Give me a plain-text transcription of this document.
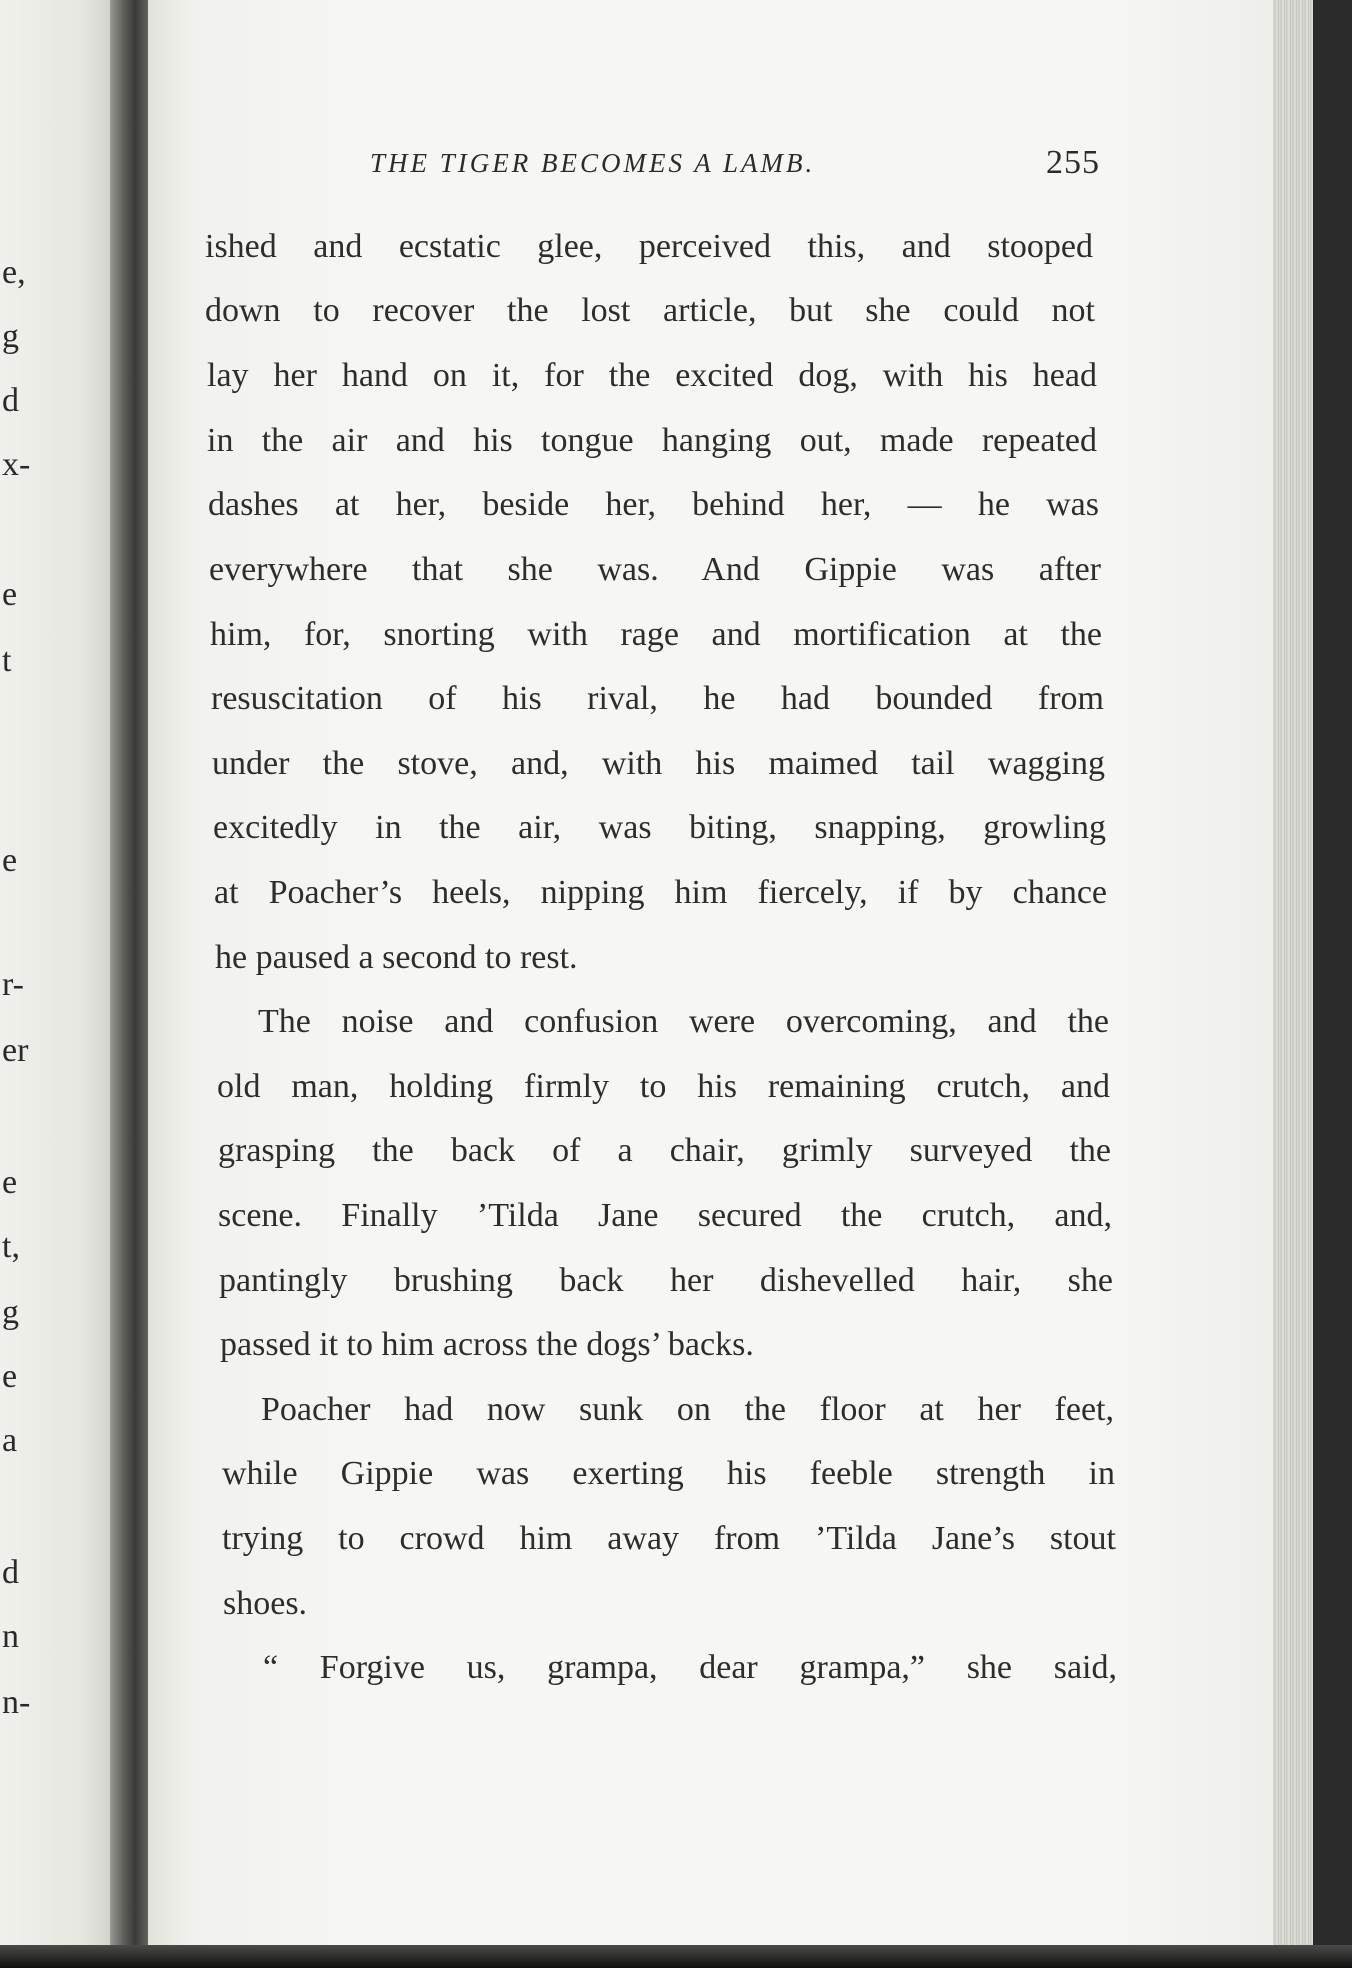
e,
g
d
x-
e
t
e
r-
er
e
t,
g
e
a
d
n
n-
THE TIGER BECOMES A LAMB.	255
ished and ecstatic glee, perceived this, and stooped
down to recover the lost article, but she could not
lay her hand on it, for the excited dog, with his head
in the air and his tongue hanging out, made repeated
dashes at her, beside her, behind her, — he was
everywhere that she was. And Gippie was after
him, for, snorting with rage and mortification at the
resuscitation of his rival, he had bounded from
under the stove, and, with his maimed tail wagging
excitedly in the air, was biting, snapping, growling
at Poacher’s heels, nipping him fiercely, if by chance
he paused a second to rest.
The noise and confusion were overcoming, and the
old man, holding firmly to his remaining crutch, and
grasping the back of a chair, grimly surveyed the
scene. Finally ’Tilda Jane secured the crutch, and,
pantingly brushing back her dishevelled hair, she
passed it to him across the dogs’ backs.
Poacher had now sunk on the floor at her feet,
while Gippie was exerting his feeble strength in
trying to crowd him away from ’Tilda Jane’s stout
shoes.
“ Forgive us, grampa, dear grampa,” she said,
